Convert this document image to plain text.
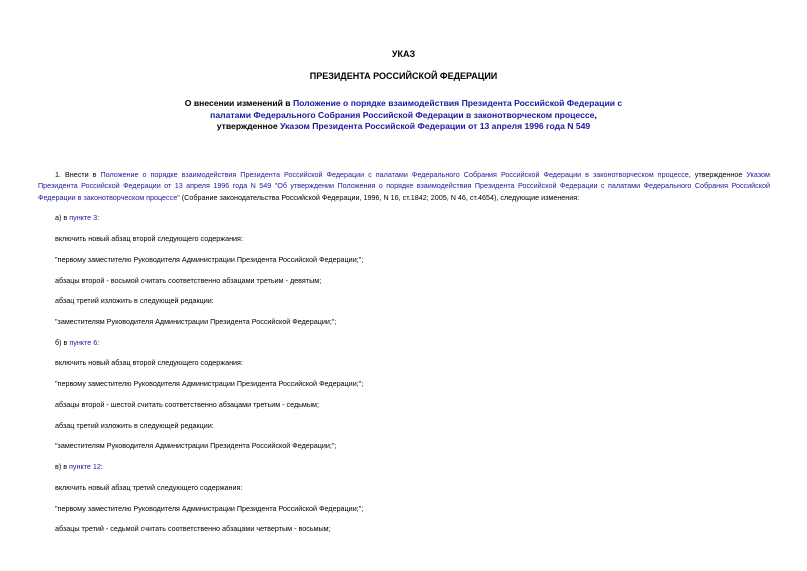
УКАЗ
ПРЕЗИДЕНТА РОССИЙСКОЙ ФЕДЕРАЦИИ
О внесении изменений в Положение о порядке взаимодействия Президента Российской Федерации с палатами Федерального Собрания Российской Федерации в законотворческом процессе, утвержденное Указом Президента Российской Федерации от 13 апреля 1996 года N 549
1. Внести в Положение о порядке взаимодействия Президента Российской Федерации с палатами Федерального Собрания Российской Федерации в законотворческом процессе, утвержденное Указом Президента Российской Федерации от 13 апреля 1996 года N 549 "Об утверждении Положения о порядке взаимодействия Президента Российской Федерации с палатами Федерального Собрания Российской Федерации в законотворческом процессе" (Собрание законодательства Российской Федерации, 1996, N 16, ст.1842; 2005, N 46, ст.4654), следующие изменения:
а) в пункте 3:
включить новый абзац второй следующего содержания:
"первому заместителю Руководителя Администрации Президента Российской Федерации;";
абзацы второй - восьмой считать соответственно абзацами третьим - девятым;
абзац третий изложить в следующей редакции:
"заместителям Руководителя Администрации Президента Российской Федерации;";
б) в пункте 6:
включить новый абзац второй следующего содержания:
"первому заместителю Руководителя Администрации Президента Российской Федерации;";
абзацы второй - шестой считать соответственно абзацами третьим - седьмым;
абзац третий изложить в следующей редакции:
"заместителям Руководителя Администрации Президента Российской Федерации;";
в) в пункте 12:
включить новый абзац третий следующего содержания:
"первому заместителю Руководителя Администрации Президента Российской Федерации;";
абзацы третий - седьмой считать соответственно абзацами четвертым - восьмым;
